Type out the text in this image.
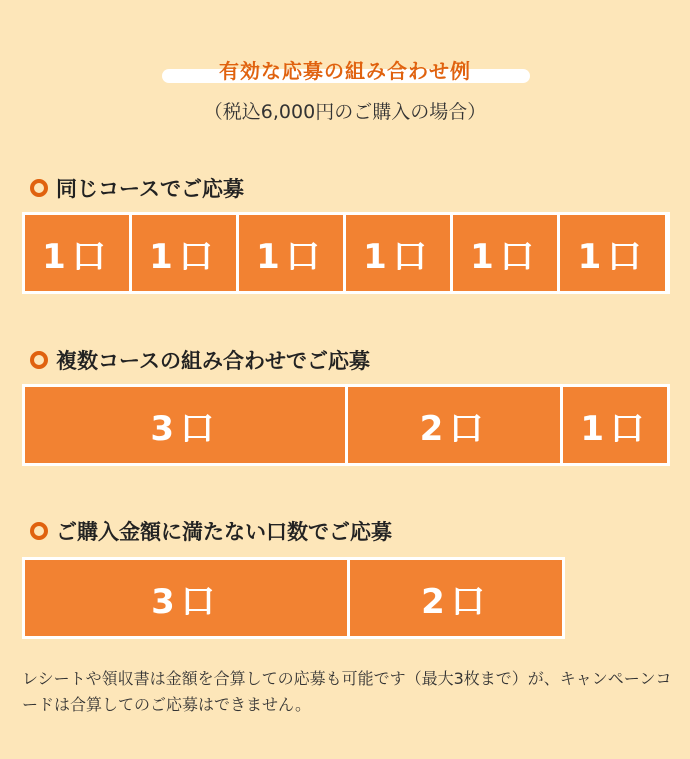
有効な応募の組み合わせ例
（税込6,000円のご購入の場合）
同じコースでご応募
1口	1口	1口	1口	1口	1口
複数コースの組み合わせでご応募
3口	2口	1口
ご購入金額に満たない口数でご応募
3口	2口
レシートや領収書は金額を合算しての応募も可能です（最大3枚まで）が、キャンペーンコードは合算してのご応募はできません。
